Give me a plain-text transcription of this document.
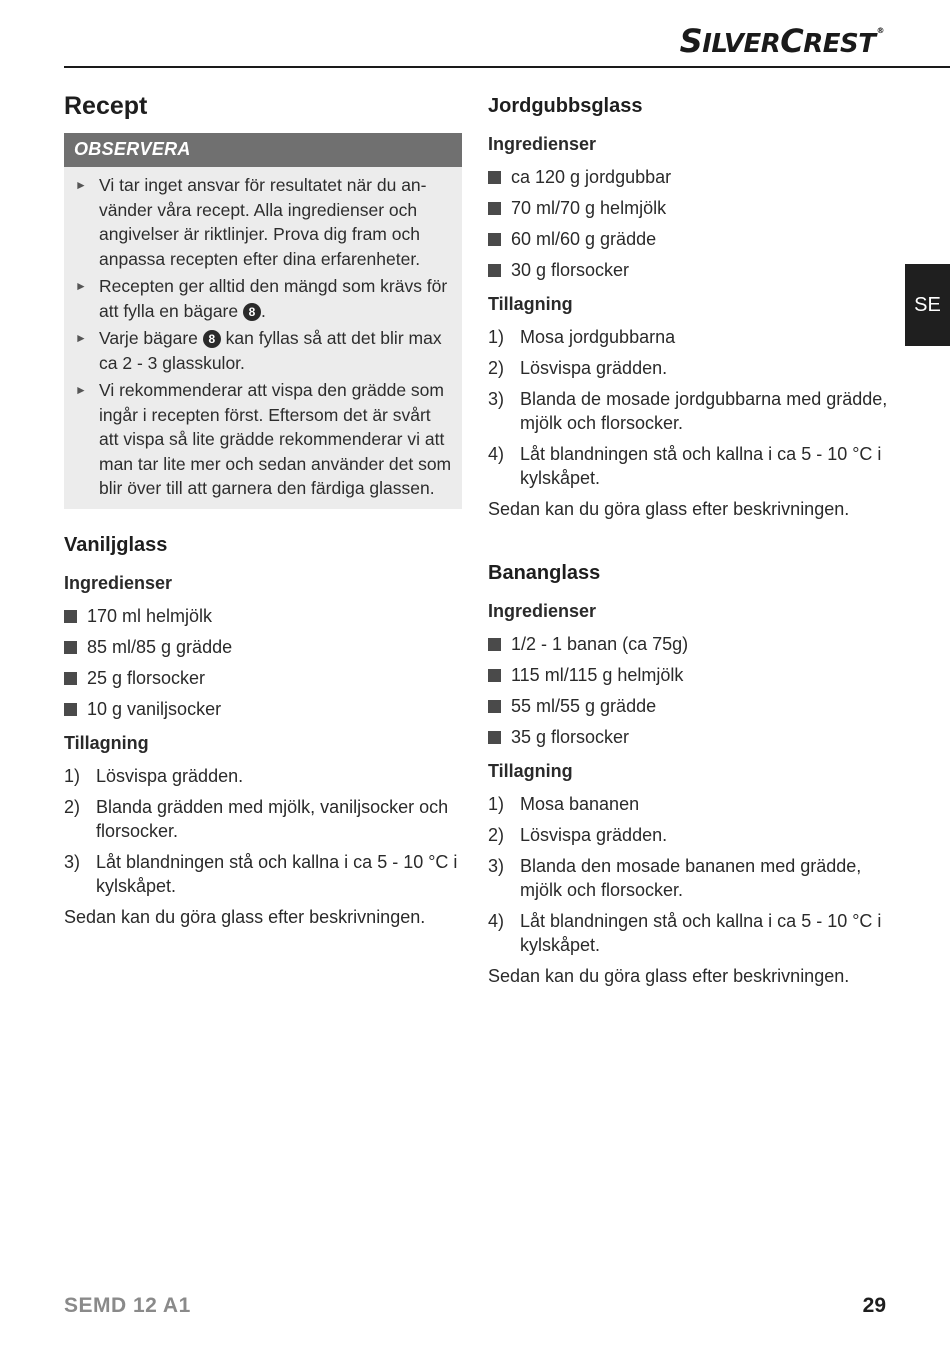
SILVERCREST®
SE
Recept
OBSERVERA
► Vi tar inget ansvar för resultatet när du an-vänder våra recept. Alla ingredienser och angivelser är riktlinjer. Prova dig fram och anpassa recepten efter dina erfarenheter.
► Recepten ger alltid den mängd som krävs för att fylla en bägare 8 .
► Varje bägare 8 kan fyllas så att det blir max ca 2 - 3 glasskulor.
► Vi rekommenderar att vispa den grädde som ingår i recepten först. Eftersom det är svårt att vispa så lite grädde rekommenderar vi att man tar lite mer och sedan använder det som blir över till att garnera den färdiga glassen.
Vaniljglass
Ingredienser
170 ml helmjölk
85 ml/85 g grädde
25 g florsocker
10 g vaniljsocker
Tillagning
1) Lösvispa grädden.
2) Blanda grädden med mjölk, vaniljsocker och florsocker.
3) Låt blandningen stå och kallna i ca 5 - 10 °C i kylskåpet.

Sedan kan du göra glass efter beskrivningen.

Jordgubbsglass
Ingredienser
ca 120 g jordgubbar
70 ml/70 g helmjölk
60 ml/60 g grädde
30 g florsocker
Tillagning
1) Mosa jordgubbarna
2) Lösvispa grädden.
3) Blanda de mosade jordgubbarna med grädde, mjölk och florsocker.
4) Låt blandningen stå och kallna i ca 5 - 10 °C i kylskåpet.

Sedan kan du göra glass efter beskrivningen.

Bananglass
Ingredienser
1/2 - 1 banan (ca 75g)
115 ml/115 g helmjölk
55 ml/55 g grädde
35 g florsocker
Tillagning
1) Mosa bananen
2) Lösvispa grädden.
3) Blanda den mosade bananen med grädde, mjölk och florsocker.
4) Låt blandningen stå och kallna i ca 5 - 10 °C i kylskåpet.

Sedan kan du göra glass efter beskrivningen.

SEMD 12 A1	29
